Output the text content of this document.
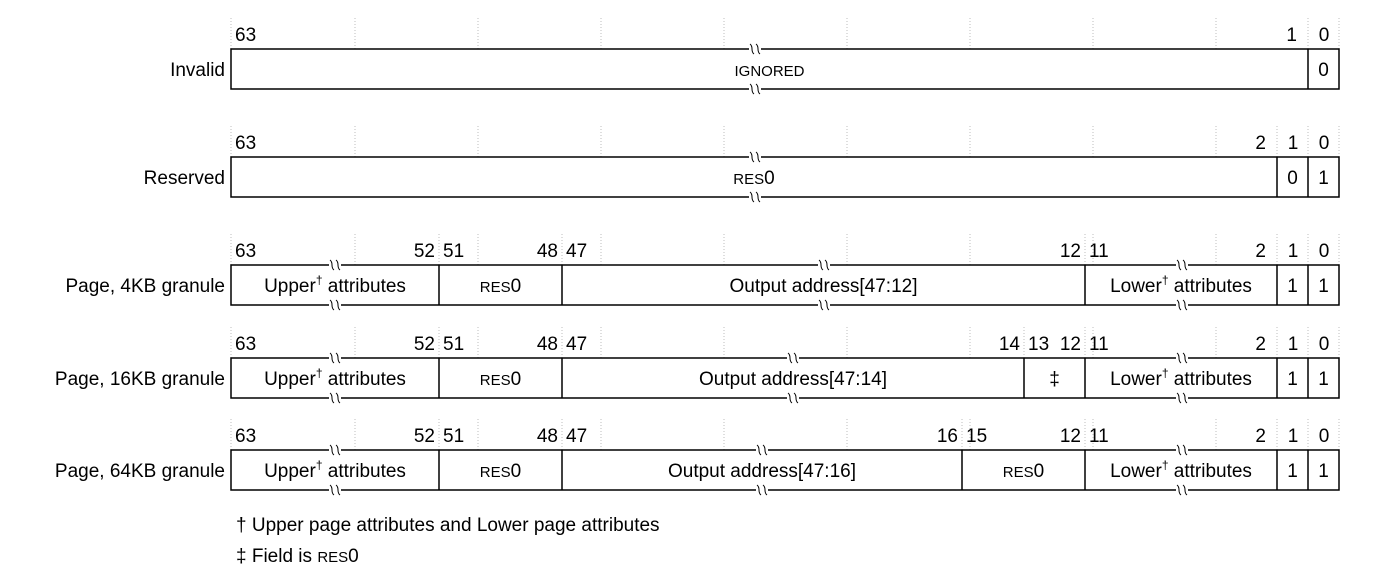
Invalid
63	1 0
IGNORED	0
Reserved
63	2 1 0
RES0	0 1
Page, 4KB granule
63	52 51	48 47	12 11	2 1 0
Upper† attributes	RES0	Output address[47:12]	Lower† attributes 1 1
Page, 16KB granule
63	52 51	48 47	14 13 12 11	2 1 0
Upper† attributes	RES0	Output address[47:14]	‡	Lower† attributes 1 1
Page, 64KB granule
63	52 51	48 47	16 15	12 11	2 1 0
Upper† attributes	RES0	Output address[47:16]	RES0	Lower† attributes 1 1
† Upper page attributes and Lower page attributes
‡ Field is RES0
